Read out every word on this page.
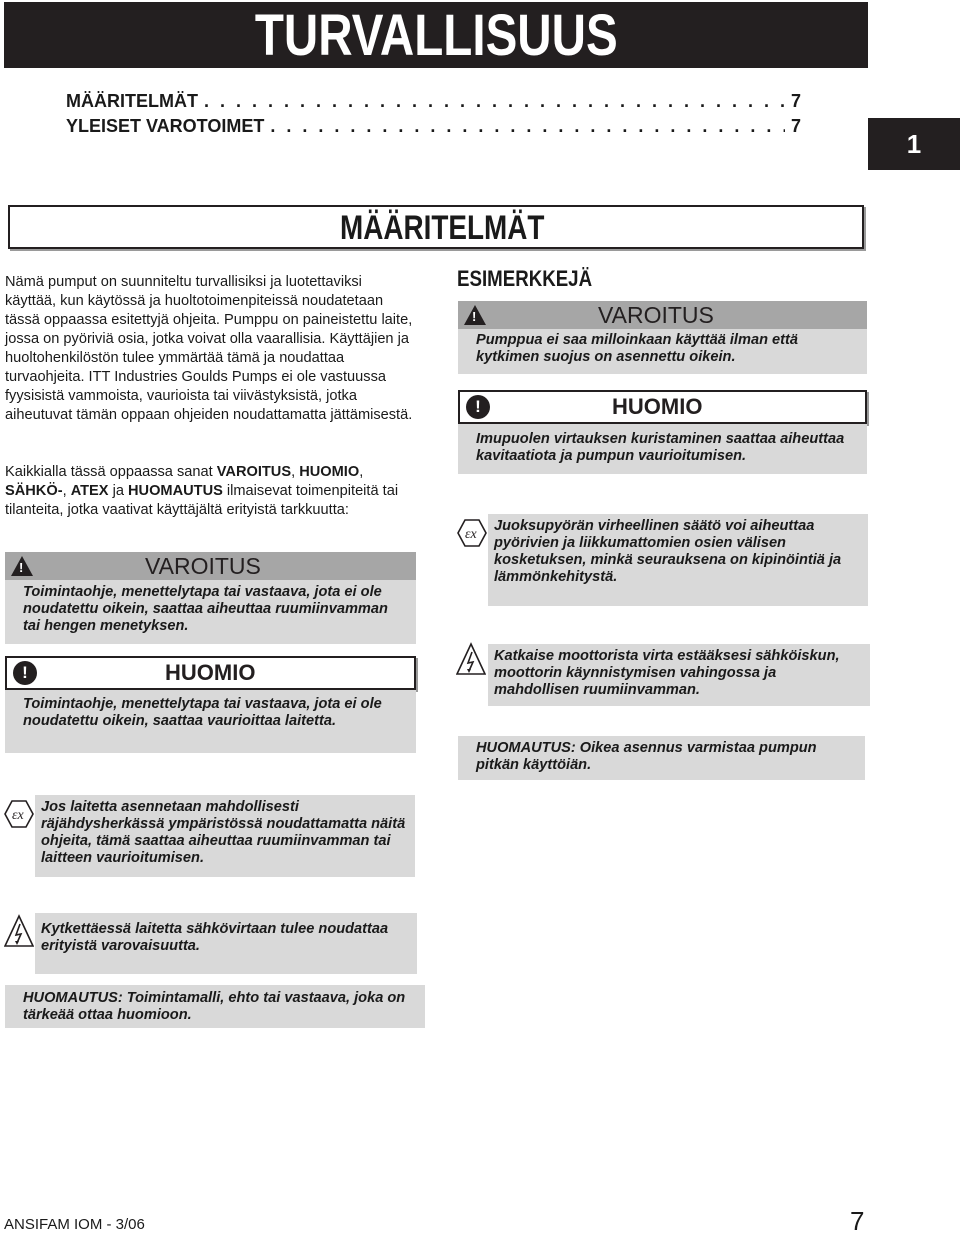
TURVALLISUUS
MÄÄRITELMÄT . . .	7
YLEISET VAROTOIMET . . .	7
1
MÄÄRITELMÄT
Nämä pumput on suunniteltu turvallisiksi ja luotettaviksi käyttää, kun käytössä ja huoltotoimenpiteissä noudatetaan tässä oppaassa esitettyjä ohjeita. Pumppu on paineistettu laite, jossa on pyöriviä osia, jotka voivat olla vaarallisia. Käyttäjien ja huoltohenkilöstön tulee ymmärtää tämä ja noudattaa turvaohjeita. ITT Industries Goulds Pumps ei ole vastuussa fyysisistä vammoista, vaurioista tai viivästyksistä, jotka aiheutuvat tämän oppaan ohjeiden noudattamatta jättämisestä.
Kaikkialla tässä oppaassa sanat VAROITUS, HUOMIO, SÄHKÖ-, ATEX ja HUOMAUTUS ilmaisevat toimenpiteitä tai tilanteita, jotka vaativat käyttäjältä erityistä tarkkuutta:
!	VAROITUS
Toimintaohje, menettelytapa tai vastaava, jota ei ole noudatettu oikein, saattaa aiheuttaa ruumiinvamman tai hengen menetyksen.
!	HUOMIO
Toimintaohje, menettelytapa tai vastaava, jota ei ole noudatettu oikein, saattaa vaurioittaa laitetta.
εx
Jos laitetta asennetaan mahdollisesti räjähdysherkässä ympäristössä noudattamatta näitä ohjeita, tämä saattaa aiheuttaa ruumiinvamman tai laitteen vaurioitumisen.
Kytkettäessä laitetta sähkövirtaan tulee noudattaa erityistä varovaisuutta.
HUOMAUTUS: Toimintamalli, ehto tai vastaava, joka on tärkeää ottaa huomioon.
ESIMERKKEJÄ
!	VAROITUS
Pumppua ei saa milloinkaan käyttää ilman että kytkimen suojus on asennettu oikein.
!	HUOMIO
Imupuolen virtauksen kuristaminen saattaa aiheuttaa kavitaatiota ja pumpun vaurioitumisen.
εx
Juoksupyörän virheellinen säätö voi aiheuttaa pyörivien ja liikkumattomien osien välisen kosketuksen, minkä seurauksena on kipinöintiä ja lämmönkehitystä.
Katkaise moottorista virta estääksesi sähköiskun, moottorin käynnistymisen vahingossa ja mahdollisen ruumiinvamman.
HUOMAUTUS: Oikea asennus varmistaa pumpun pitkän käyttöiän.
ANSIFAM IOM - 3/06	7
